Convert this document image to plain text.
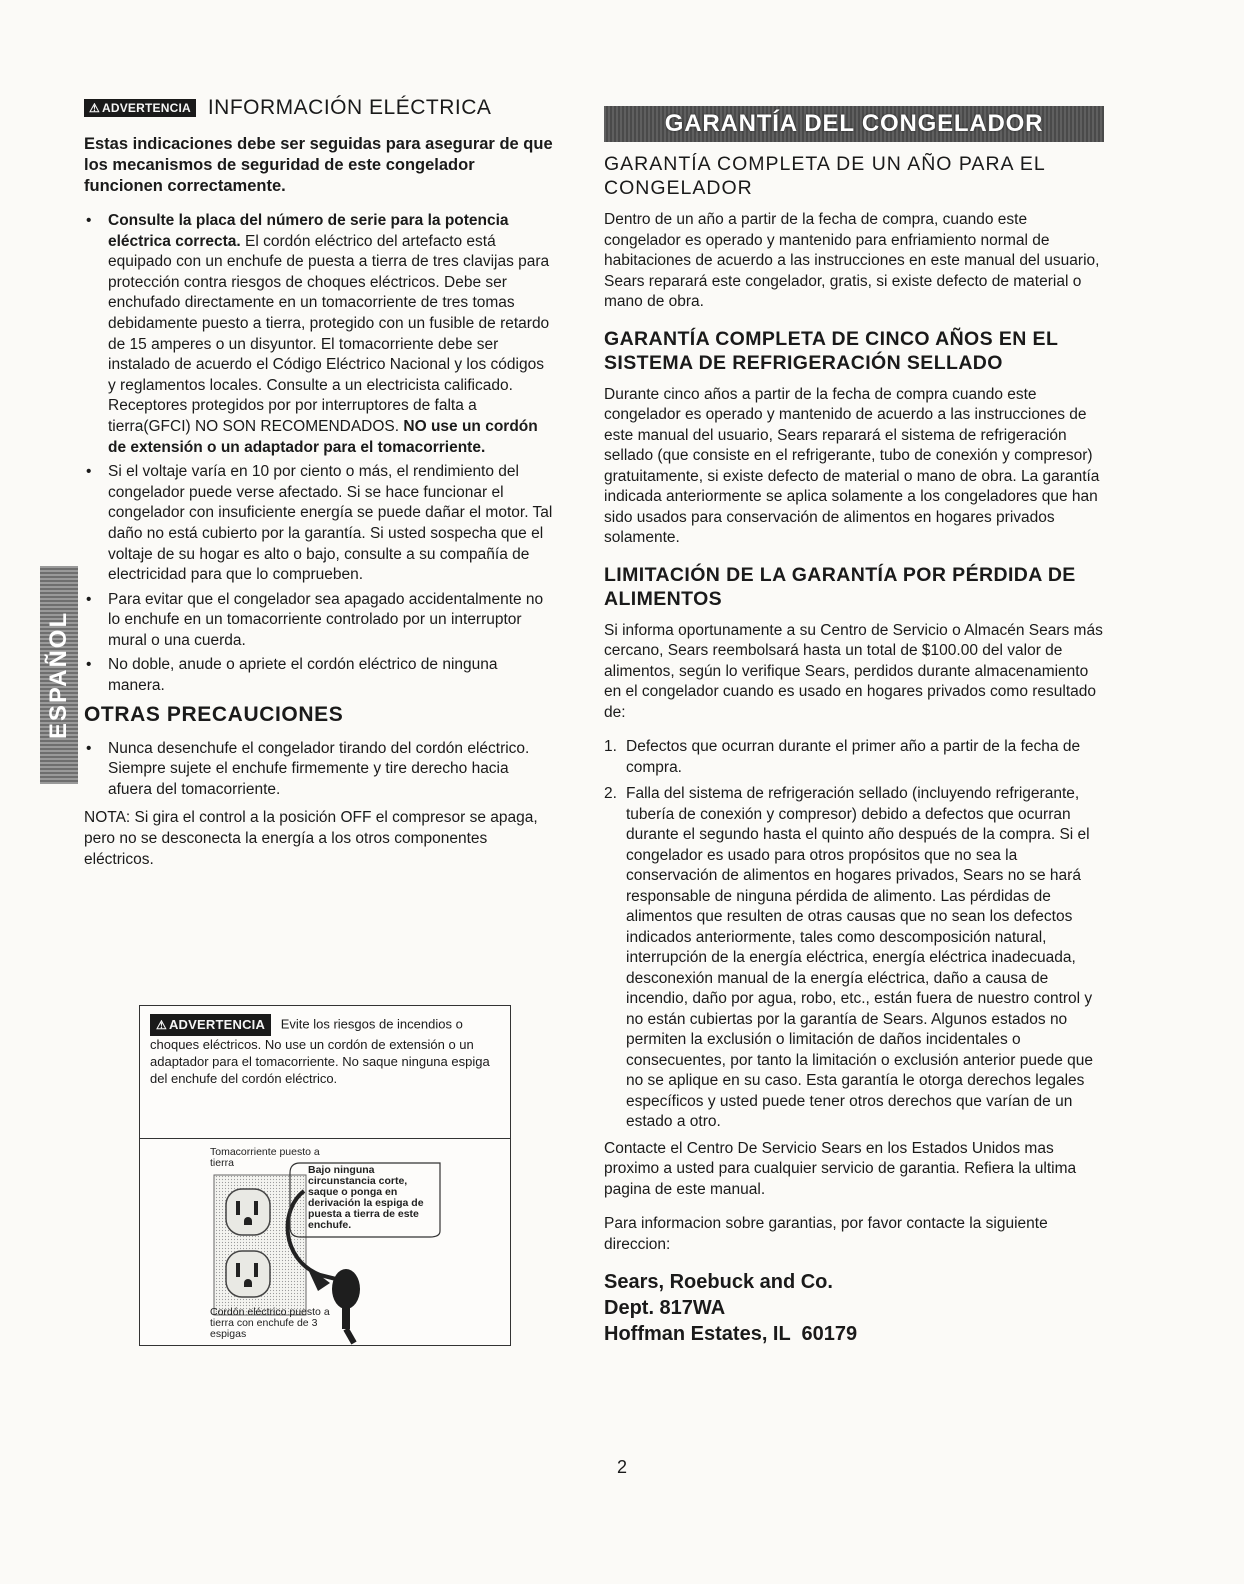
⚠ ADVERTENCIA INFORMACIÓN ELÉCTRICA

Estas indicaciones debe ser seguidas para asegurar de que los mecanismos de seguridad de este congelador funcionen correctamente.

• Consulte la placa del número de serie para la potencia eléctrica correcta. El cordón eléctrico del artefacto está equipado con un enchufe de puesta a tierra de tres clavijas para protección contra riesgos de choques eléctricos. Debe ser enchufado directamente en un tomacorriente de tres tomas debidamente puesto a tierra, protegido con un fusible de retardo de 15 amperes o un disyuntor. El tomacorriente debe ser instalado de acuerdo el Código Eléctrico Nacional y los códigos y reglamentos locales. Consulte a un electricista calificado. Receptores protegidos por por interruptores de falta a tierra(GFCI) NO SON RECOMENDADOS. NO use un cordón de extensión o un adaptador para el tomacorriente.
• Si el voltaje varía en 10 por ciento o más, el rendimiento del congelador puede verse afectado. Si se hace funcionar el congelador con insuficiente energía se puede dañar el motor. Tal daño no está cubierto por la garantía. Si usted sospecha que el voltaje de su hogar es alto o bajo, consulte a su compañía de electricidad para que lo comprueben.
• Para evitar que el congelador sea apagado accidentalmente no lo enchufe en un tomacorriente controlado por un interruptor mural o una cuerda.
• No doble, anude o apriete el cordón eléctrico de ninguna manera.
OTRAS PRECAUCIONES
• Nunca desenchufe el congelador tirando del cordón eléctrico. Siempre sujete el enchufe firmemente y tire derecho hacia afuera del tomacorriente.

NOTA: Si gira el control a la posición OFF el compresor se apaga, pero no se desconecta la energía a los otros componentes eléctricos.

ESPAÑOL
⚠ ADVERTENCIA Evite los riesgos de incendios o choques eléctricos. No use un cordón de extensión o un adaptador para el tomacorriente. No saque ninguna espiga del enchufe del cordón eléctrico.
Tomacorriente puesto a tierra
Bajo ninguna circunstancia corte, saque o ponga en derivación la espiga de puesta a tierra de este enchufe.
Cordón eléctrico puesto a tierra con enchufe de 3 espigas
GARANTÍA DEL CONGELADOR
GARANTÍA COMPLETA DE UN AÑO PARA EL CONGELADOR

Dentro de un año a partir de la fecha de compra, cuando este congelador es operado y mantenido para enfriamiento normal de habitaciones de acuerdo a las instrucciones en este manual del usuario, Sears reparará este congelador, gratis, si existe defecto de material o mano de obra.

GARANTÍA COMPLETA DE CINCO AÑOS EN EL SISTEMA DE REFRIGERACIÓN SELLADO

Durante cinco años a partir de la fecha de compra cuando este congelador es operado y mantenido de acuerdo a las instrucciones de este manual del usuario, Sears reparará el sistema de refrigeración sellado (que consiste en el refrigerante, tubo de conexión y compresor) gratuitamente, si existe defecto de material o mano de obra. La garantía indicada anteriormente se aplica solamente a los congeladores que han sido usados para conservación de alimentos en hogares privados solamente.

LIMITACIÓN DE LA GARANTÍA POR PÉRDIDA DE ALIMENTOS

Si informa oportunamente a su Centro de Servicio o Almacén Sears más cercano, Sears reembolsará hasta un total de $100.00 del valor de alimentos, según lo verifique Sears, perdidos durante almacenamiento en el congelador cuando es usado en hogares privados como resultado de:

1. Defectos que ocurran durante el primer año a partir de la fecha de compra.
2. Falla del sistema de refrigeración sellado (incluyendo refrigerante, tubería de conexión y compresor) debido a defectos que ocurran durante el segundo hasta el quinto año después de la compra. Si el congelador es usado para otros propósitos que no sea la conservación de alimentos en hogares privados, Sears no se hará responsable de ninguna pérdida de alimento. Las pérdidas de alimentos que resulten de otras causas que no sean los defectos indicados anteriormente, tales como descomposición natural, interrupción de la energía eléctrica, energía eléctrica inadecuada, desconexión manual de la energía eléctrica, daño a causa de incendio, daño por agua, robo, etc., están fuera de nuestro control y no están cubiertas por la garantía de Sears. Algunos estados no permiten la exclusión o limitación de daños incidentales o consecuentes, por tanto la limitación o exclusión anterior puede que no se aplique en su caso. Esta garantía le otorga derechos legales específicos y usted puede tener otros derechos que varían de un estado a otro.

Contacte el Centro De Servicio Sears en los Estados Unidos mas proximo a usted para cualquier servicio de garantia. Refiera la ultima pagina de este manual.

Para informacion sobre garantias, por favor contacte la siguiente direccion:

Sears, Roebuck and Co.
Dept. 817WA
Hoffman Estates, IL  60179
2
